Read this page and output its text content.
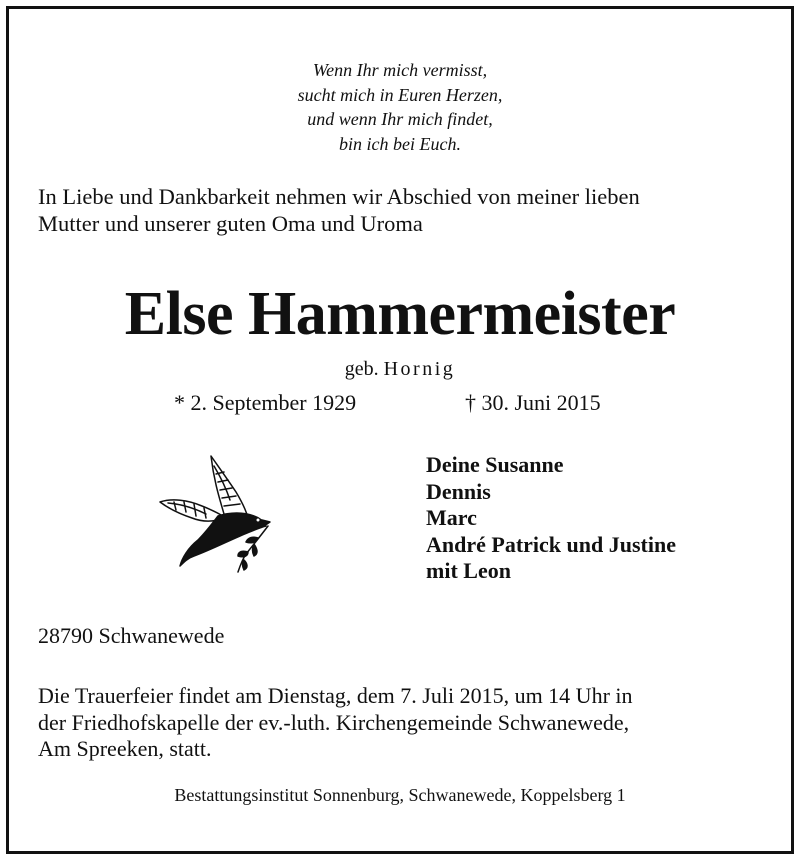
Wenn Ihr mich vermisst,
sucht mich in Euren Herzen,
und wenn Ihr mich findet,
bin ich bei Euch.
In Liebe und Dankbarkeit nehmen wir Abschied von meiner lieben
Mutter und unserer guten Oma und Uroma
Else Hammermeister
geb. Hornig
* 2. September 1929	† 30. Juni 2015
Deine Susanne
Dennis
Marc
André Patrick und Justine
mit Leon
28790 Schwanewede
Die Trauerfeier findet am Dienstag, dem 7. Juli 2015, um 14 Uhr in
der Friedhofskapelle der ev.-luth. Kirchengemeinde Schwanewede,
Am Spreeken, statt.
Bestattungsinstitut Sonnenburg, Schwanewede, Koppelsberg 1
